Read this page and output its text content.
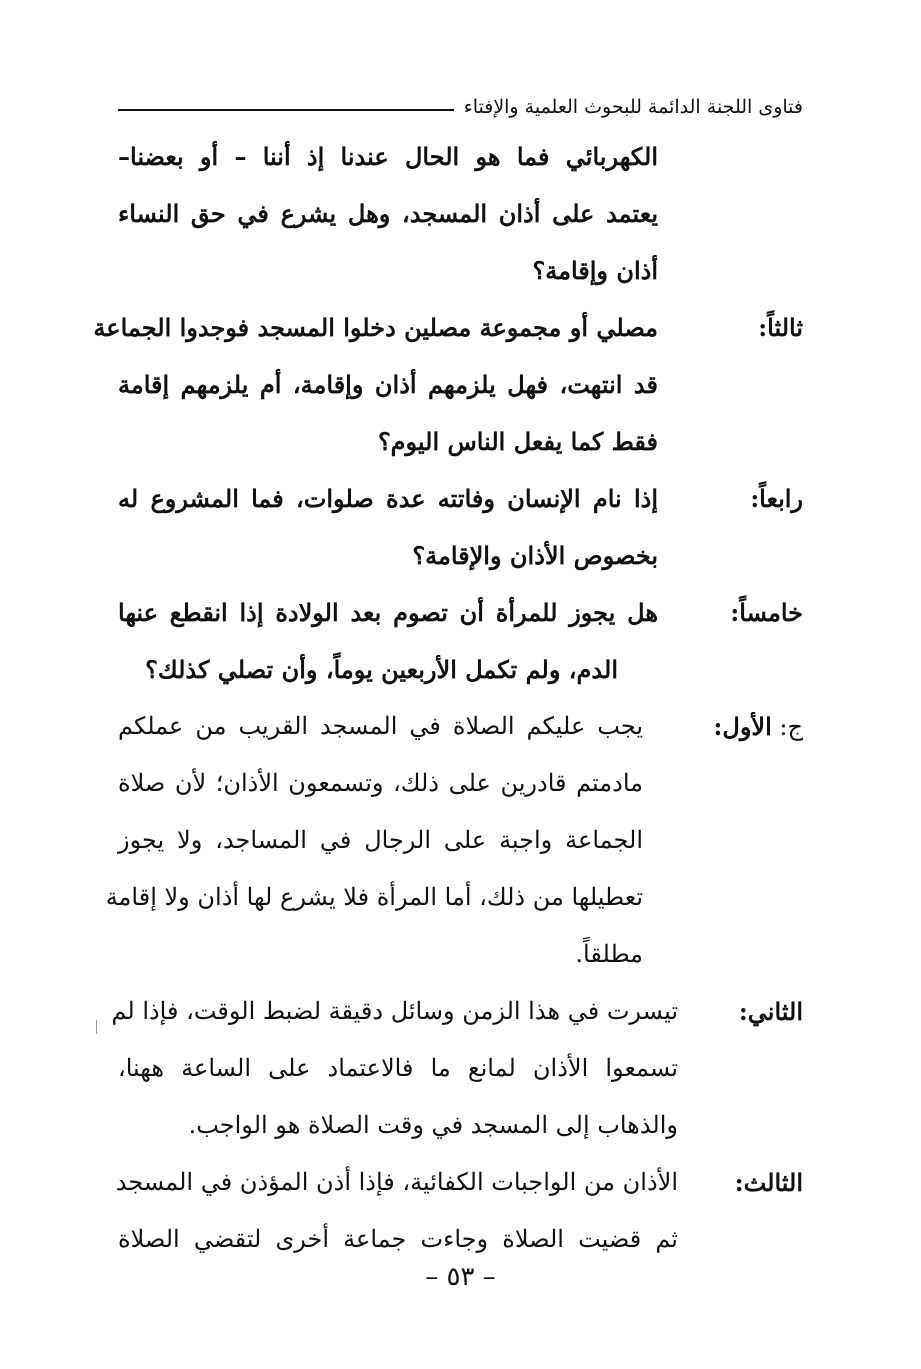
فتاوى اللجنة الدائمة للبحوث العلمية والإفتاء
الكهربائي فما هو الحال عندنا إذ أننا – أو بعضنا–
يعتمد على أذان المسجد، وهل يشرع في حق النساء
أذان وإقامة؟
ثالثاً:
مصلي أو مجموعة مصلين دخلوا المسجد فوجدوا الجماعة
قد انتهت، فهل يلزمهم أذان وإقامة، أم يلزمهم إقامة
فقط كما يفعل الناس اليوم؟
رابعاً:
إذا نام الإنسان وفاتته عدة صلوات، فما المشروع له
بخصوص الأذان والإقامة؟
خامساً:
هل يجوز للمرأة أن تصوم بعد الولادة إذا انقطع عنها
الدم، ولم تكمل الأربعين يوماً، وأن تصلي كذلك؟
ج: الأول:
يجب عليكم الصلاة في المسجد القريب من عملكم
مادمتم قادرين على ذلك، وتسمعون الأذان؛ لأن صلاة
الجماعة واجبة على الرجال في المساجد، ولا يجوز
تعطيلها من ذلك، أما المرأة فلا يشرع لها أذان ولا إقامة
مطلقاً.
الثاني:
تيسرت في هذا الزمن وسائل دقيقة لضبط الوقت، فإذا لم
تسمعوا الأذان لمانع ما فالاعتماد على الساعة ههنا،
والذهاب إلى المسجد في وقت الصلاة هو الواجب.
الثالث:
الأذان من الواجبات الكفائية، فإذا أذن المؤذن في المسجد
ثم قضيت الصلاة وجاءت جماعة أخرى لتقضي الصلاة
– ٥٣ –
